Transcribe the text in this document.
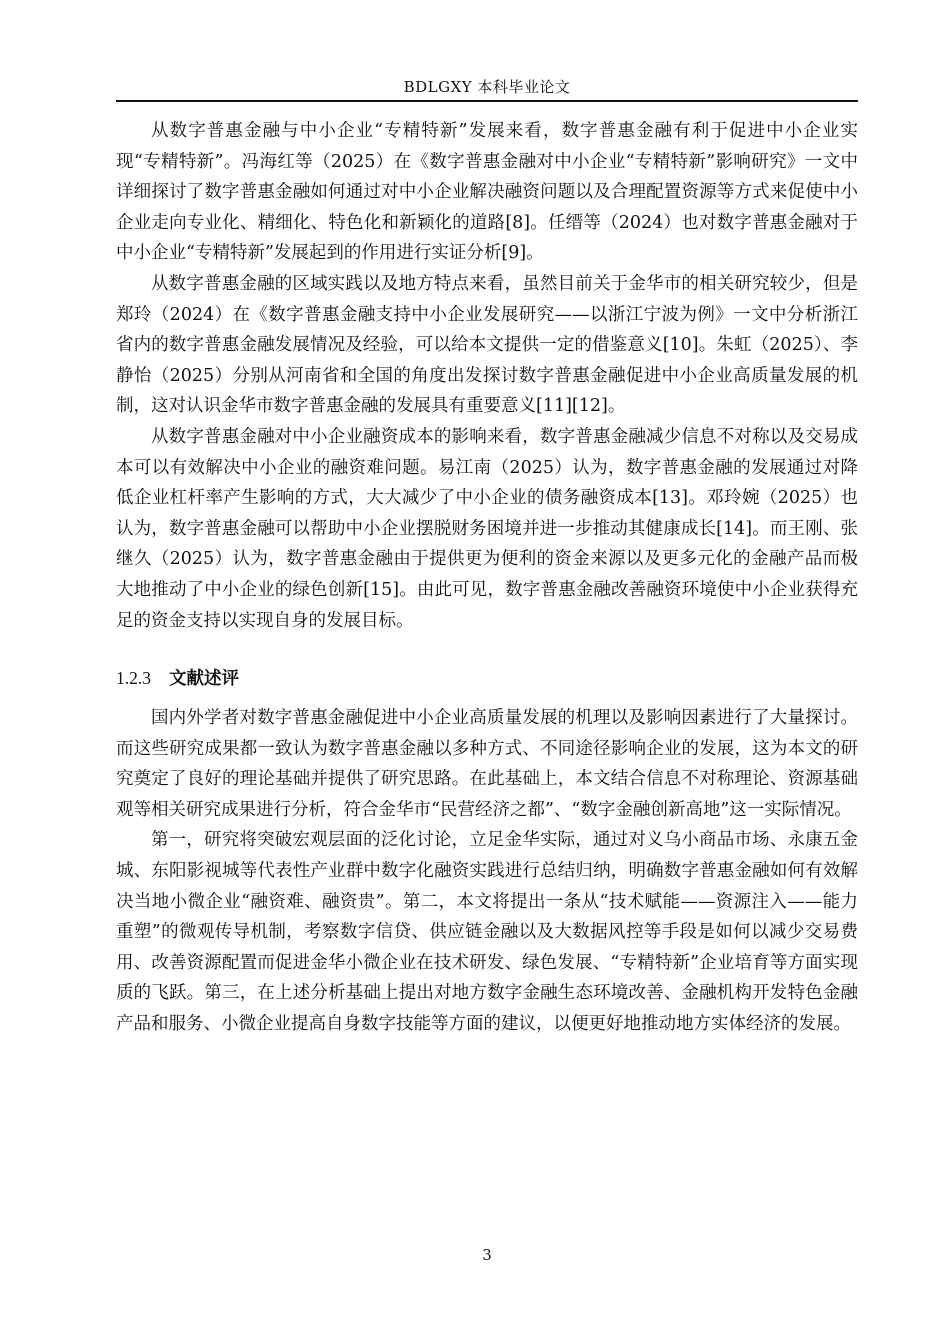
BDLGXY 本科毕业论文

从数字普惠金融与中小企业“专精特新”发展来看，数字普惠金融有利于促进中小企业实现“专精特新”。冯海红等（2025）在《数字普惠金融对中小企业“专精特新”影响研究》一文中详细探讨了数字普惠金融如何通过对中小企业解决融资问题以及合理配置资源等方式来促使中小企业走向专业化、精细化、特色化和新颖化的道路[8]。任缙等（2024）也对数字普惠金融对于中小企业“专精特新”发展起到的作用进行实证分析[9]。

从数字普惠金融的区域实践以及地方特点来看，虽然目前关于金华市的相关研究较少，但是郑玲（2024）在《数字普惠金融支持中小企业发展研究——以浙江宁波为例》一文中分析浙江省内的数字普惠金融发展情况及经验，可以给本文提供一定的借鉴意义[10]。朱虹（2025）、李静怡（2025）分别从河南省和全国的角度出发探讨数字普惠金融促进中小企业高质量发展的机制，这对认识金华市数字普惠金融的发展具有重要意义[11][12]。

从数字普惠金融对中小企业融资成本的影响来看，数字普惠金融减少信息不对称以及交易成本可以有效解决中小企业的融资难问题。易江南（2025）认为，数字普惠金融的发展通过对降低企业杠杆率产生影响的方式，大大减少了中小企业的债务融资成本[13]。邓玲婉（2025）也认为，数字普惠金融可以帮助中小企业摆脱财务困境并进一步推动其健康成长[14]。而王刚、张继久（2025）认为，数字普惠金融由于提供更为便利的资金来源以及更多元化的金融产品而极大地推动了中小企业的绿色创新[15]。由此可见，数字普惠金融改善融资环境使中小企业获得充足的资金支持以实现自身的发展目标。

1.2.3 文献述评

国内外学者对数字普惠金融促进中小企业高质量发展的机理以及影响因素进行了大量探讨。而这些研究成果都一致认为数字普惠金融以多种方式、不同途径影响企业的发展，这为本文的研究奠定了良好的理论基础并提供了研究思路。在此基础上，本文结合信息不对称理论、资源基础观等相关研究成果进行分析，符合金华市“民营经济之都”、“数字金融创新高地”这一实际情况。

第一，研究将突破宏观层面的泛化讨论，立足金华实际，通过对义乌小商品市场、永康五金城、东阳影视城等代表性产业群中数字化融资实践进行总结归纳，明确数字普惠金融如何有效解决当地小微企业“融资难、融资贵”。第二，本文将提出一条从“技术赋能——资源注入——能力重塑”的微观传导机制，考察数字信贷、供应链金融以及大数据风控等手段是如何以减少交易费用、改善资源配置而促进金华小微企业在技术研发、绿色发展、“专精特新”企业培育等方面实现质的飞跃。第三，在上述分析基础上提出对地方数字金融生态环境改善、金融机构开发特色金融产品和服务、小微企业提高自身数字技能等方面的建议，以便更好地推动地方实体经济的发展。

3
